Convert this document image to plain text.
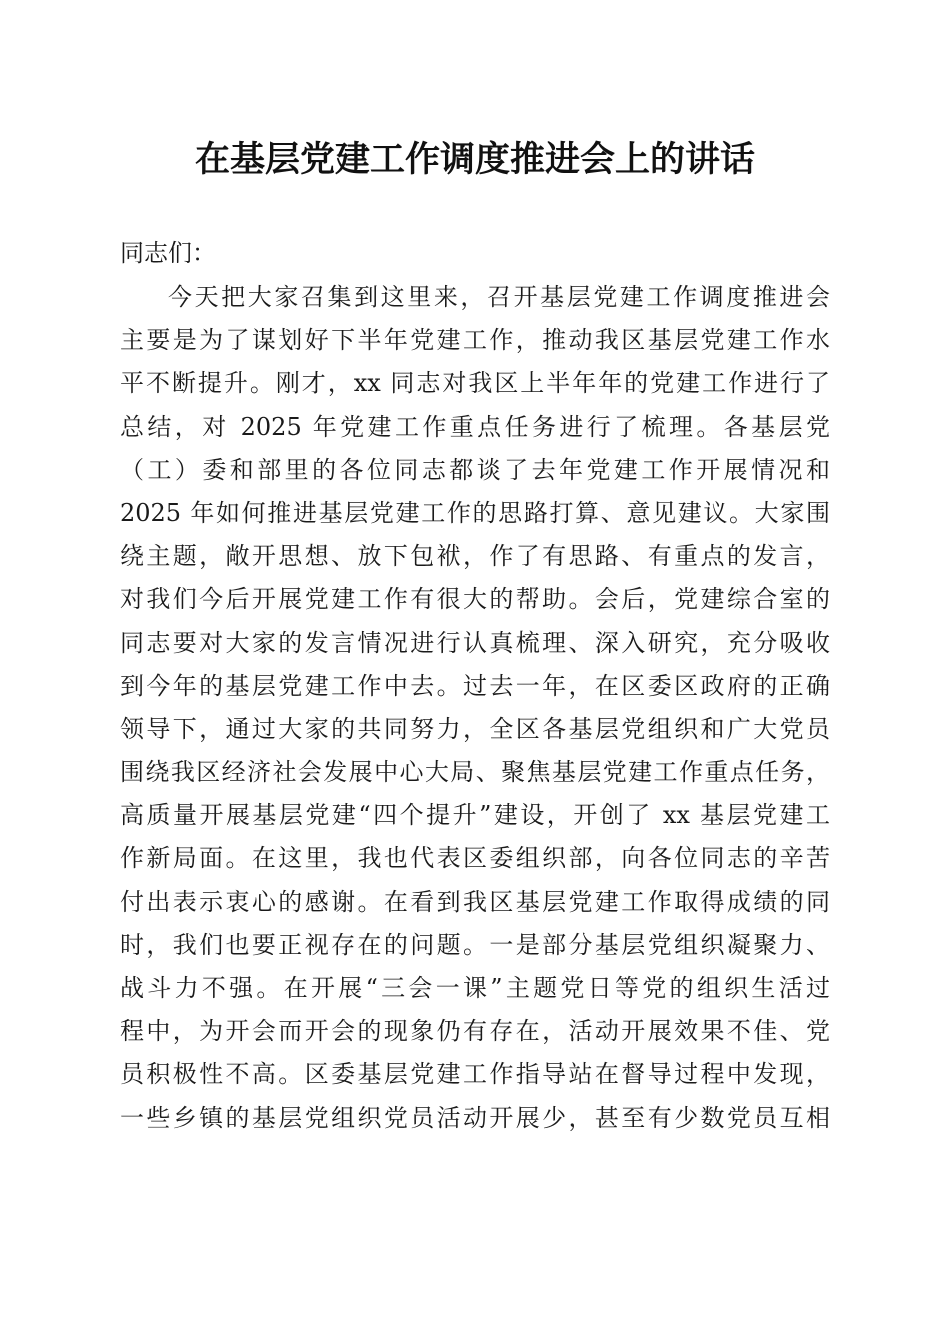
在基层党建工作调度推进会上的讲话

同志们：

今天把大家召集到这里来，召开基层党建工作调度推进会
主要是为了谋划好下半年党建工作，推动我区基层党建工作水
平不断提升。刚才，xx 同志对我区上半年年的党建工作进行了
总结，对 2025 年党建工作重点任务进行了梳理。各基层党
（工）委和部里的各位同志都谈了去年党建工作开展情况和
2025 年如何推进基层党建工作的思路打算、意见建议。大家围
绕主题，敞开思想、放下包袱，作了有思路、有重点的发言，
对我们今后开展党建工作有很大的帮助。会后，党建综合室的
同志要对大家的发言情况进行认真梳理、深入研究，充分吸收
到今年的基层党建工作中去。过去一年，在区委区政府的正确
领导下，通过大家的共同努力，全区各基层党组织和广大党员
围绕我区经济社会发展中心大局、聚焦基层党建工作重点任务，
高质量开展基层党建“四个提升”建设，开创了 xx 基层党建工
作新局面。在这里，我也代表区委组织部，向各位同志的辛苦
付出表示衷心的感谢。在看到我区基层党建工作取得成绩的同
时，我们也要正视存在的问题。一是部分基层党组织凝聚力、
战斗力不强。在开展“三会一课”主题党日等党的组织生活过
程中，为开会而开会的现象仍有存在，活动开展效果不佳、党
员积极性不高。区委基层党建工作指导站在督导过程中发现，
一些乡镇的基层党组织党员活动开展少，甚至有少数党员互相
